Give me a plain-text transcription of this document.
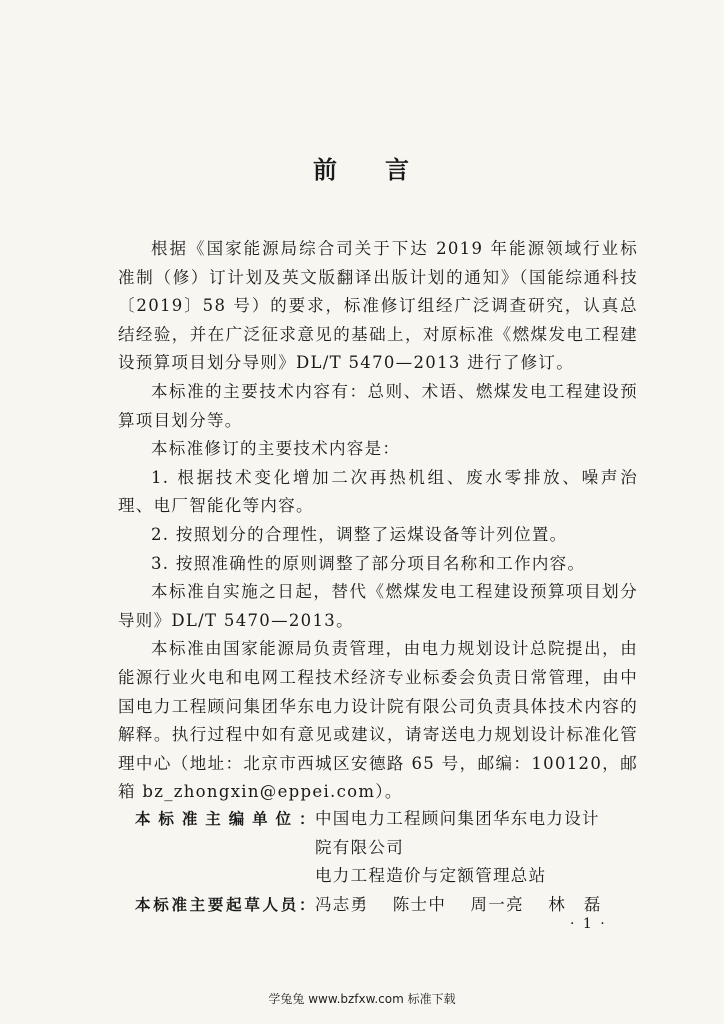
前 言

根据《国家能源局综合司关于下达 2019 年能源领域行业标准制（修）订计划及英文版翻译出版计划的通知》（国能综通科技〔2019〕58 号）的要求，标准修订组经广泛调查研究，认真总结经验，并在广泛征求意见的基础上，对原标准《燃煤发电工程建设预算项目划分导则》DL/T 5470—2013 进行了修订。

本标准的主要技术内容有：总则、术语、燃煤发电工程建设预算项目划分等。

本标准修订的主要技术内容是：

1. 根据技术变化增加二次再热机组、废水零排放、噪声治理、电厂智能化等内容。

2. 按照划分的合理性，调整了运煤设备等计列位置。

3. 按照准确性的原则调整了部分项目名称和工作内容。

本标准自实施之日起，替代《燃煤发电工程建设预算项目划分导则》DL/T 5470—2013。

本标准由国家能源局负责管理，由电力规划设计总院提出，由能源行业火电和电网工程技术经济专业标委会负责日常管理，由中国电力工程顾问集团华东电力设计院有限公司负责具体技术内容的解释。执行过程中如有意见或建议，请寄送电力规划设计标准化管理中心（地址：北京市西城区安德路 65 号，邮编：100120，邮箱 bz_zhongxin@eppei.com）。

本标准主编单位： 中国电力工程顾问集团华东电力设计
院有限公司
电力工程造价与定额管理总站
本标准主要起草人员： 冯志勇　 陈士中　 周一亮　 林　磊
· 1 ·
学兔兔 www.bzfxw.com 标准下载
